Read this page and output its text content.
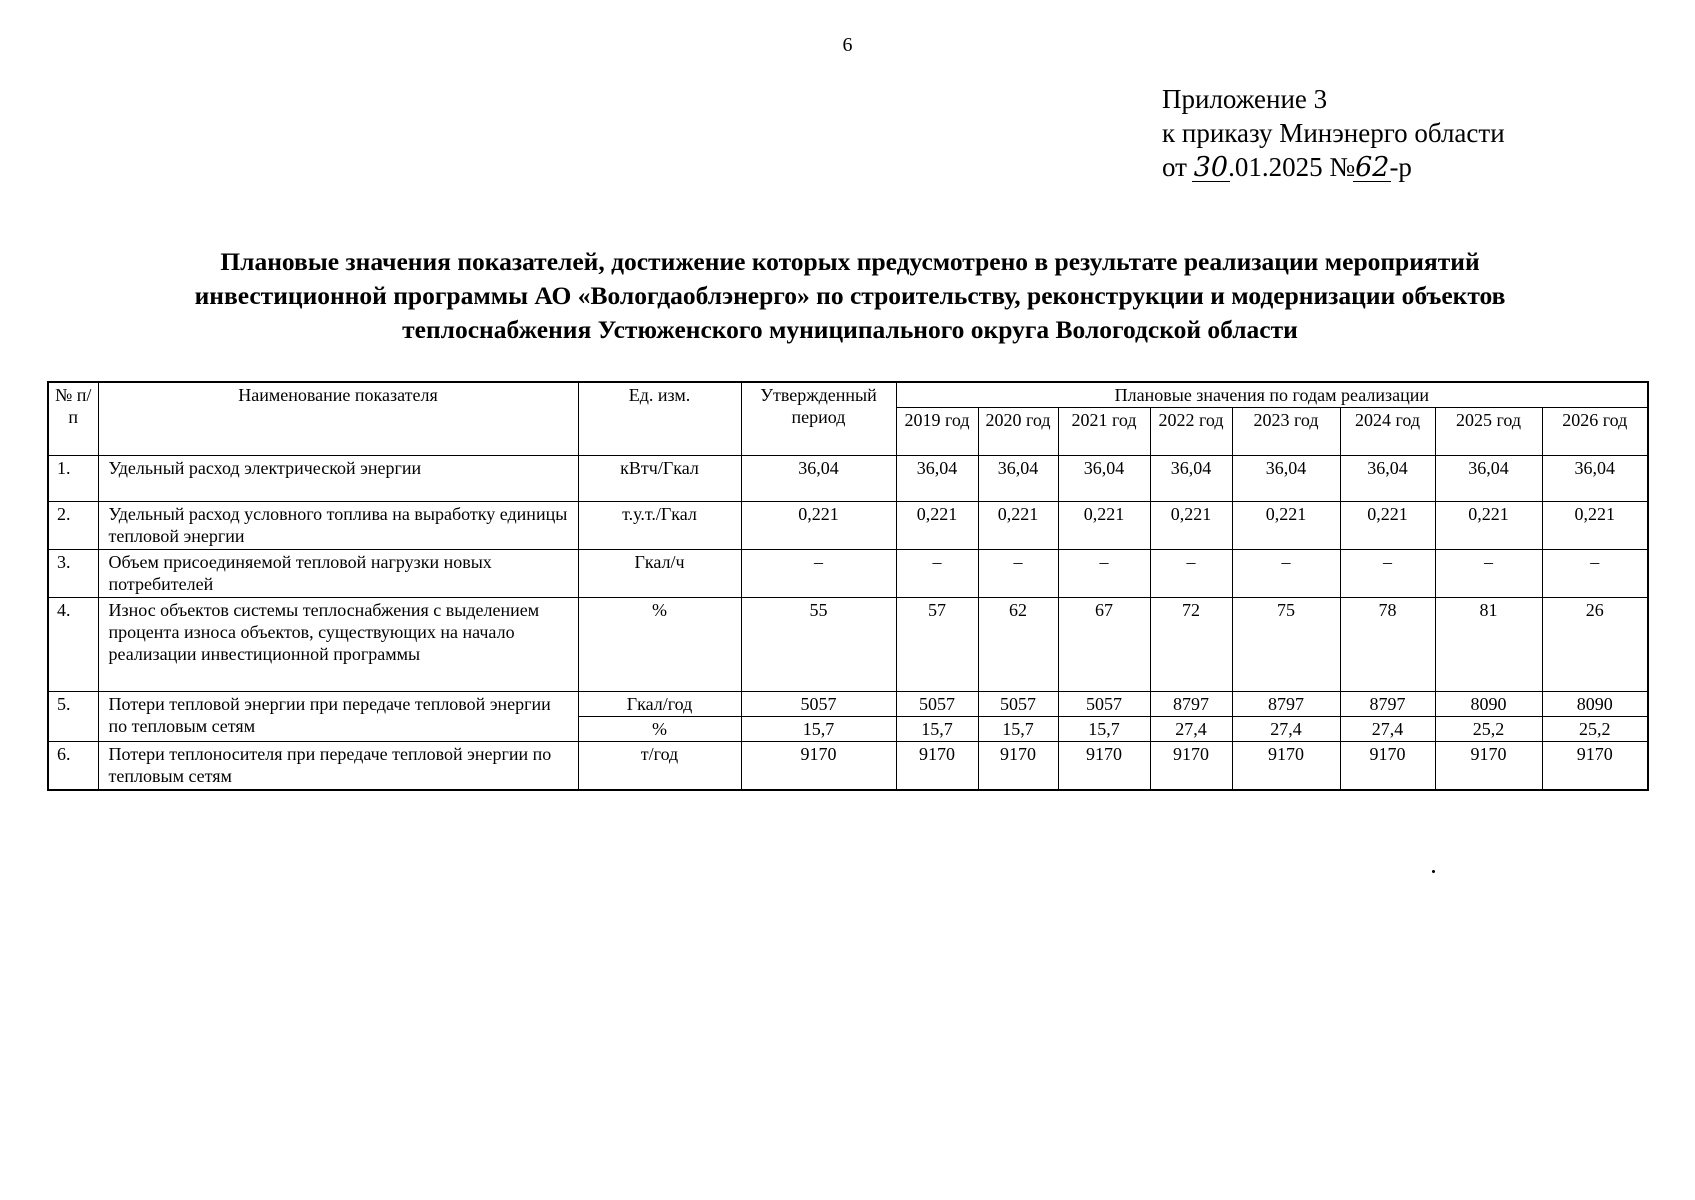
6
Приложение 3
к приказу Минэнерго области
от 30
.01.2025 №62
-р
Плановые значения показателей, достижение которых предусмотрено в результате реализации мероприятий
инвестиционной программы АО «Вологдаоблэнерго» по строительству, реконструкции и модернизации объектов
теплоснабжения Устюженского муниципального округа Вологодской области
№ п/п	Наименование показателя	Ед. изм.	Утвержденный период	Плановые значения по годам реализации							
				2019 год	2020 год	2021 год	2022 год	2023 год	2024 год	2025 год	2026 год
1.	Удельный расход электрической энергии	кВтч/Гкал	36,04	36,04	36,04	36,04	36,04	36,04	36,04	36,04	36,04
2.	Удельный расход условного топлива на выработку единицы тепловой энергии	т.у.т./Гкал	0,221	0,221	0,221	0,221	0,221	0,221	0,221	0,221	0,221
3.	Объем присоединяемой тепловой нагрузки новых потребителей	Гкал/ч	–	–	–	–	–	–	–	–	–
4.	Износ объектов системы теплоснабжения с выделением процента износа объектов, существующих на начало реализации инвестиционной программы	%	55	57	62	67	72	75	78	81	26
5.	Потери тепловой энергии при передаче тепловой энергии по тепловым сетям	Гкал/год	5057	5057	5057	5057	8797	8797	8797	8090	8090
		%	15,7	15,7	15,7	15,7	27,4	27,4	27,4	25,2	25,2
6.	Потери теплоносителя при передаче тепловой энергии по тепловым сетям	т/год	9170	9170	9170	9170	9170	9170	9170	9170	9170
